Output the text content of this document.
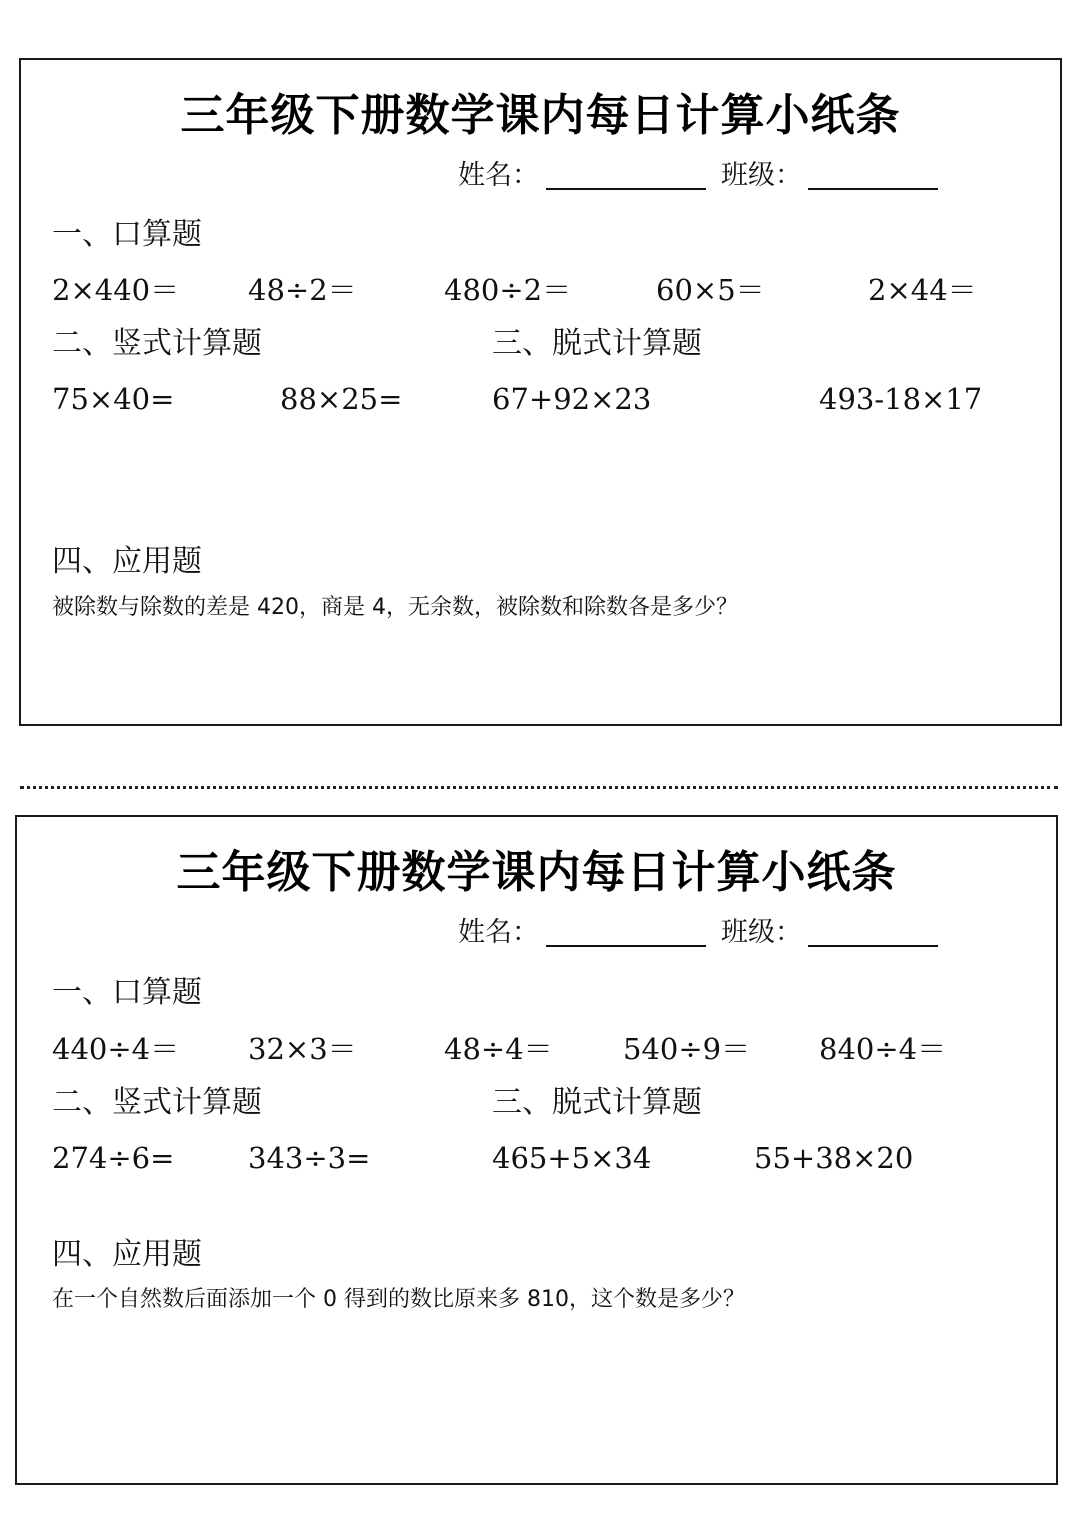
三年级下册数学课内每日计算小纸条
姓名：	班级：
一、口算题
2×440＝ 48÷2＝	480÷2＝	60×5＝	2×44＝
二、竖式计算题	三、脱式计算题
75×40=	88×25=	67+92×23	493-18×17
四、应用题
被除数与除数的差是 420，商是 4，无余数，被除数和除数各是多少？
三年级下册数学课内每日计算小纸条
姓名：	班级：
一、口算题
440÷4＝ 32×3＝	48÷4＝ 540÷9＝ 840÷4＝
二、竖式计算题	三、脱式计算题
274÷6=	343÷3=	465+5×34	55+38×20
四、应用题
在一个自然数后面添加一个 0 得到的数比原来多 810，这个数是多少？
